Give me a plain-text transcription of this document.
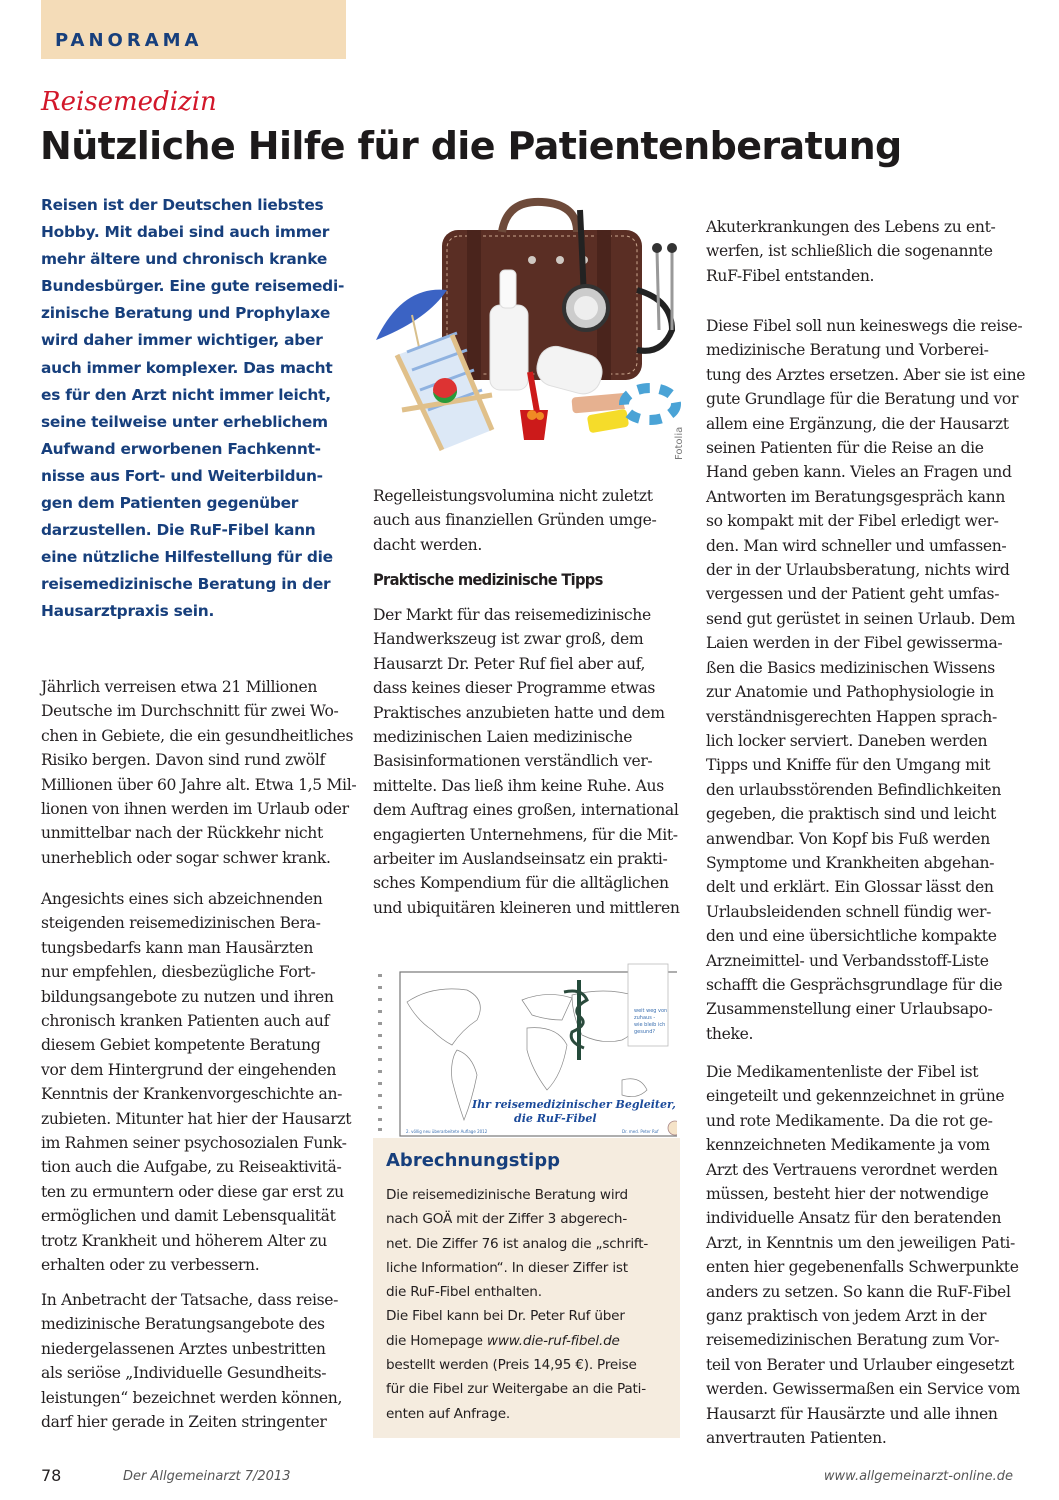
PANORAMA
Reisemedizin
Nützliche Hilfe für die Patientenberatung
Reisen ist der Deutschen liebstes
Hobby. Mit dabei sind auch immer
mehr ältere und chronisch kranke
Bundesbürger. Eine gute reisemedi-
zinische Beratung und Prophylaxe
wird daher immer wichtiger, aber
auch immer komplexer. Das macht
es für den Arzt nicht immer leicht,
seine teilweise unter erheblichem
Aufwand erworbenen Fachkennt-
nisse aus Fort- und Weiterbildun-
gen dem Patienten gegenüber
darzustellen. Die RuF-Fibel kann
eine nützliche Hilfestellung für die
reisemedizinische Beratung in der
Hausarztpraxis sein.
Jährlich verreisen etwa 21 Millionen
Deutsche im Durchschnitt für zwei Wo-
chen in Gebiete, die ein gesundheitliches
Risiko bergen. Davon sind rund zwölf
Millionen über 60 Jahre alt. Etwa 1,5 Mil-
lionen von ihnen werden im Urlaub oder
unmittelbar nach der Rückkehr nicht
unerheblich oder sogar schwer krank.
Angesichts eines sich abzeichnenden
steigenden reisemedizinischen Bera-
tungsbedarfs kann man Hausärzten
nur empfehlen, diesbezügliche Fort-
bildungsangebote zu nutzen und ihren
chronisch kranken Patienten auch auf
diesem Gebiet kompetente Beratung
vor dem Hintergrund der eingehenden
Kenntnis der Krankenvorgeschichte an-
zubieten. Mitunter hat hier der Hausarzt
im Rahmen seiner psychosozialen Funk-
tion auch die Aufgabe, zu Reiseaktivitä-
ten zu ermuntern oder diese gar erst zu
ermöglichen und damit Lebensqualität
trotz Krankheit und höherem Alter zu
erhalten oder zu verbessern.
In Anbetracht der Tatsache, dass reise-
medizinische Beratungsangebote des
niedergelassenen Arztes unbestritten
als seriöse „Individuelle Gesundheits-
leistungen“ bezeichnet werden können,
darf hier gerade in Zeiten stringenter
Fotolia
Regelleistungsvolumina nicht zuletzt
auch aus finanziellen Gründen umge-
dacht werden.
Praktische medizinische Tipps
Der Markt für das reisemedizinische
Handwerkszeug ist zwar groß, dem
Hausarzt Dr. Peter Ruf fiel aber auf,
dass keines dieser Programme etwas
Praktisches anzubieten hatte und dem
medizinischen Laien medizinische
Basisinformationen verständlich ver-
mittelte. Das ließ ihm keine Ruhe. Aus
dem Auftrag eines großen, international
engagierten Unternehmens, für die Mit-
arbeiter im Auslandseinsatz ein prakti-
sches Kompendium für die alltäglichen
und ubiquitären kleineren und mittleren
weit weg von
zuhaus -
wie bleib ich
gesund?
Ihr reisemedizinischer Begleiter,
die RuF-Fibel
2. völlig neu überarbeitete Auflage 2012	Dr. med. Peter Ruf
Abrechnungstipp
Die reisemedizinische Beratung wird
nach GOÄ mit der Ziffer 3 abgerech-
net. Die Ziffer 76 ist analog die „schrift-
liche Information“. In dieser Ziffer ist
die RuF-Fibel enthalten.
Die Fibel kann bei Dr. Peter Ruf über
die Homepage www.die-ruf-fibel.de
bestellt werden (Preis 14,95 €). Preise
für die Fibel zur Weitergabe an die Pati-
enten auf Anfrage.
Akuterkrankungen des Lebens zu ent-
werfen, ist schließlich die sogenannte
RuF-Fibel entstanden.
Diese Fibel soll nun keineswegs die reise-
medizinische Beratung und Vorberei-
tung des Arztes ersetzen. Aber sie ist eine
gute Grundlage für die Beratung und vor
allem eine Ergänzung, die der Hausarzt
seinen Patienten für die Reise an die
Hand geben kann. Vieles an Fragen und
Antworten im Beratungsgespräch kann
so kompakt mit der Fibel erledigt wer-
den. Man wird schneller und umfassen-
der in der Urlaubsberatung, nichts wird
vergessen und der Patient geht umfas-
send gut gerüstet in seinen Urlaub. Dem
Laien werden in der Fibel gewisserma-
ßen die Basics medizinischen Wissens
zur Anatomie und Pathophysiologie in
verständnisgerechten Happen sprach-
lich locker serviert. Daneben werden
Tipps und Kniffe für den Umgang mit
den urlaubsstörenden Befindlichkeiten
gegeben, die praktisch sind und leicht
anwendbar. Von Kopf bis Fuß werden
Symptome und Krankheiten abgehan-
delt und erklärt. Ein Glossar lässt den
Urlaubsleidenden schnell fündig wer-
den und eine übersichtliche kompakte
Arzneimittel- und Verbandsstoff-Liste
schafft die Gesprächsgrundlage für die
Zusammenstellung einer Urlaubsapo-
theke.
Die Medikamentenliste der Fibel ist
eingeteilt und gekennzeichnet in grüne
und rote Medikamente. Da die rot ge-
kennzeichneten Medikamente ja vom
Arzt des Vertrauens verordnet werden
müssen, besteht hier der notwendige
individuelle Ansatz für den beratenden
Arzt, in Kenntnis um den jeweiligen Pati-
enten hier gegebenenfalls Schwerpunkte
anders zu setzen. So kann die RuF-Fibel
ganz praktisch von jedem Arzt in der
reisemedizinischen Beratung zum Vor-
teil von Berater und Urlauber eingesetzt
werden. Gewissermaßen ein Service vom
Hausarzt für Hausärzte und alle ihnen
anvertrauten Patienten.
78	Der Allgemeinarzt 7/2013	www.allgemeinarzt-online.de
